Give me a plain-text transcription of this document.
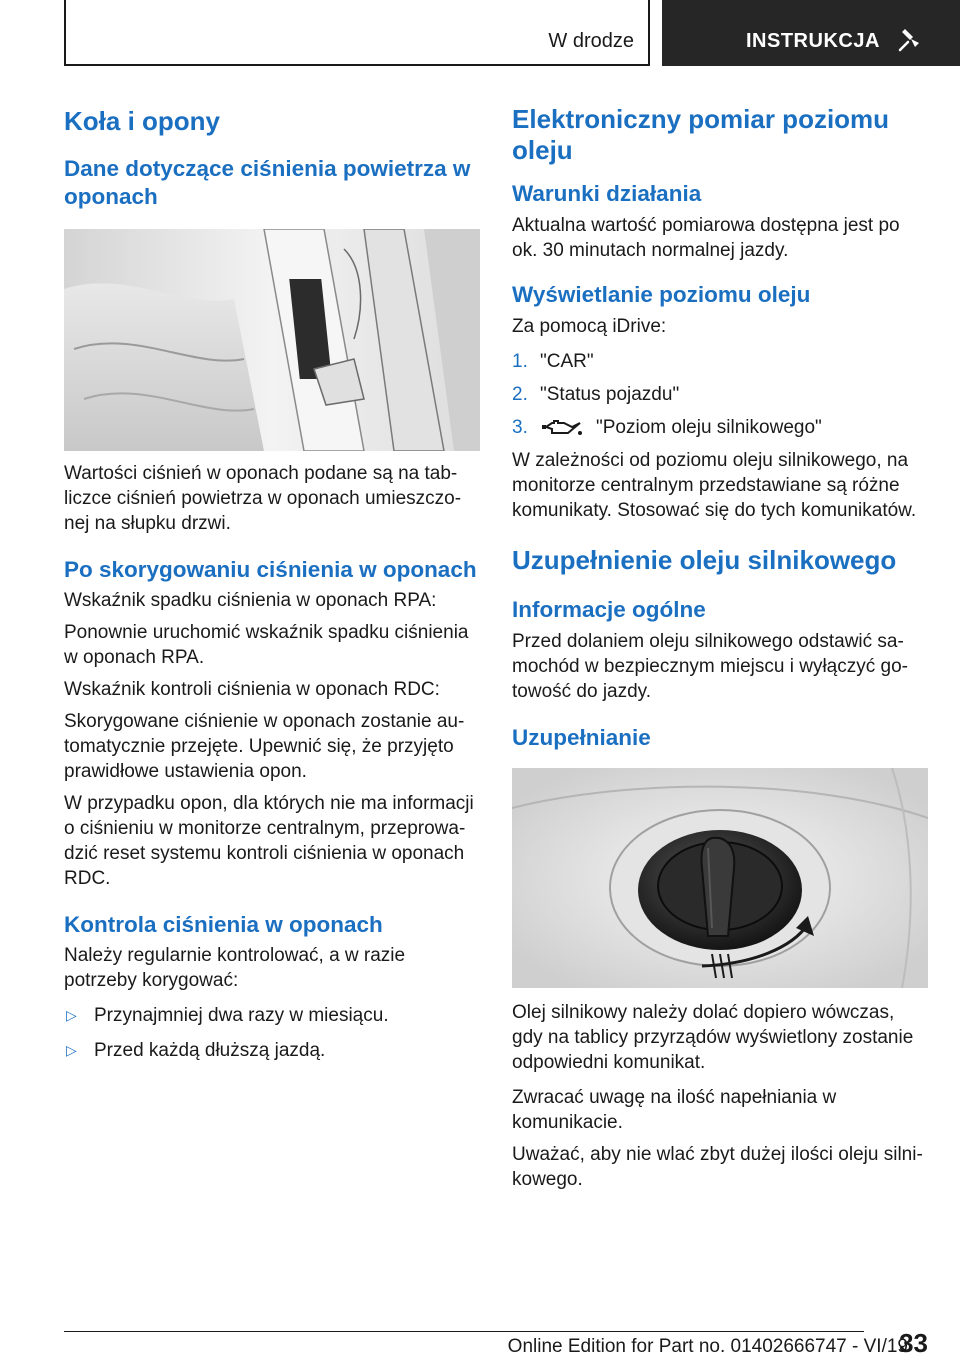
W drodze	INSTRUKCJA
Koła i opony
Dane dotyczące ciśnienia powietrza w oponach

Wartości ciśnień w oponach podane są na tabliczce ciśnień powietrza w oponach umieszczonej na słupku drzwi.

Po skorygowaniu ciśnienia w oponach

Wskaźnik spadku ciśnienia w oponach RPA:

Ponownie uruchomić wskaźnik spadku ciśnienia w oponach RPA.

Wskaźnik kontroli ciśnienia w oponach RDC:

Skorygowane ciśnienie w oponach zostanie automatycznie przejęte. Upewnić się, że przyjęto prawidłowe ustawienia opon.

W przypadku opon, dla których nie ma informacji o ciśnieniu w monitorze centralnym, przeprowadzić reset systemu kontroli ciśnienia w oponach RDC.

Kontrola ciśnienia w oponach

Należy regularnie kontrolować, a w razie potrzeby korygować:

▷ Przynajmniej dwa razy w miesiącu.
▷ Przed każdą dłuższą jazdą.
Elektroniczny pomiar poziomu oleju
Warunki działania

Aktualna wartość pomiarowa dostępna jest po ok. 30 minutach normalnej jazdy.

Wyświetlanie poziomu oleju

Za pomocą iDrive:

1. "CAR"
2. "Status pojazdu"
3.	"Poziom oleju silnikowego"

W zależności od poziomu oleju silnikowego, na monitorze centralnym przedstawiane są różne komunikaty. Stosować się do tych komunikatów.

Uzupełnienie oleju silnikowego
Informacje ogólne

Przed dolaniem oleju silnikowego odstawić samochód w bezpiecznym miejscu i wyłączyć gotowość do jazdy.

Uzupełnianie

Olej silnikowy należy dolać dopiero wówczas, gdy na tablicy przyrządów wyświetlony zostanie odpowiedni komunikat.

Zwracać uwagę na ilość napełniania w komunikacie.

Uważać, aby nie wlać zbyt dużej ilości oleju silnikowego.

33
Online Edition for Part no. 01402666747 - VI/19
